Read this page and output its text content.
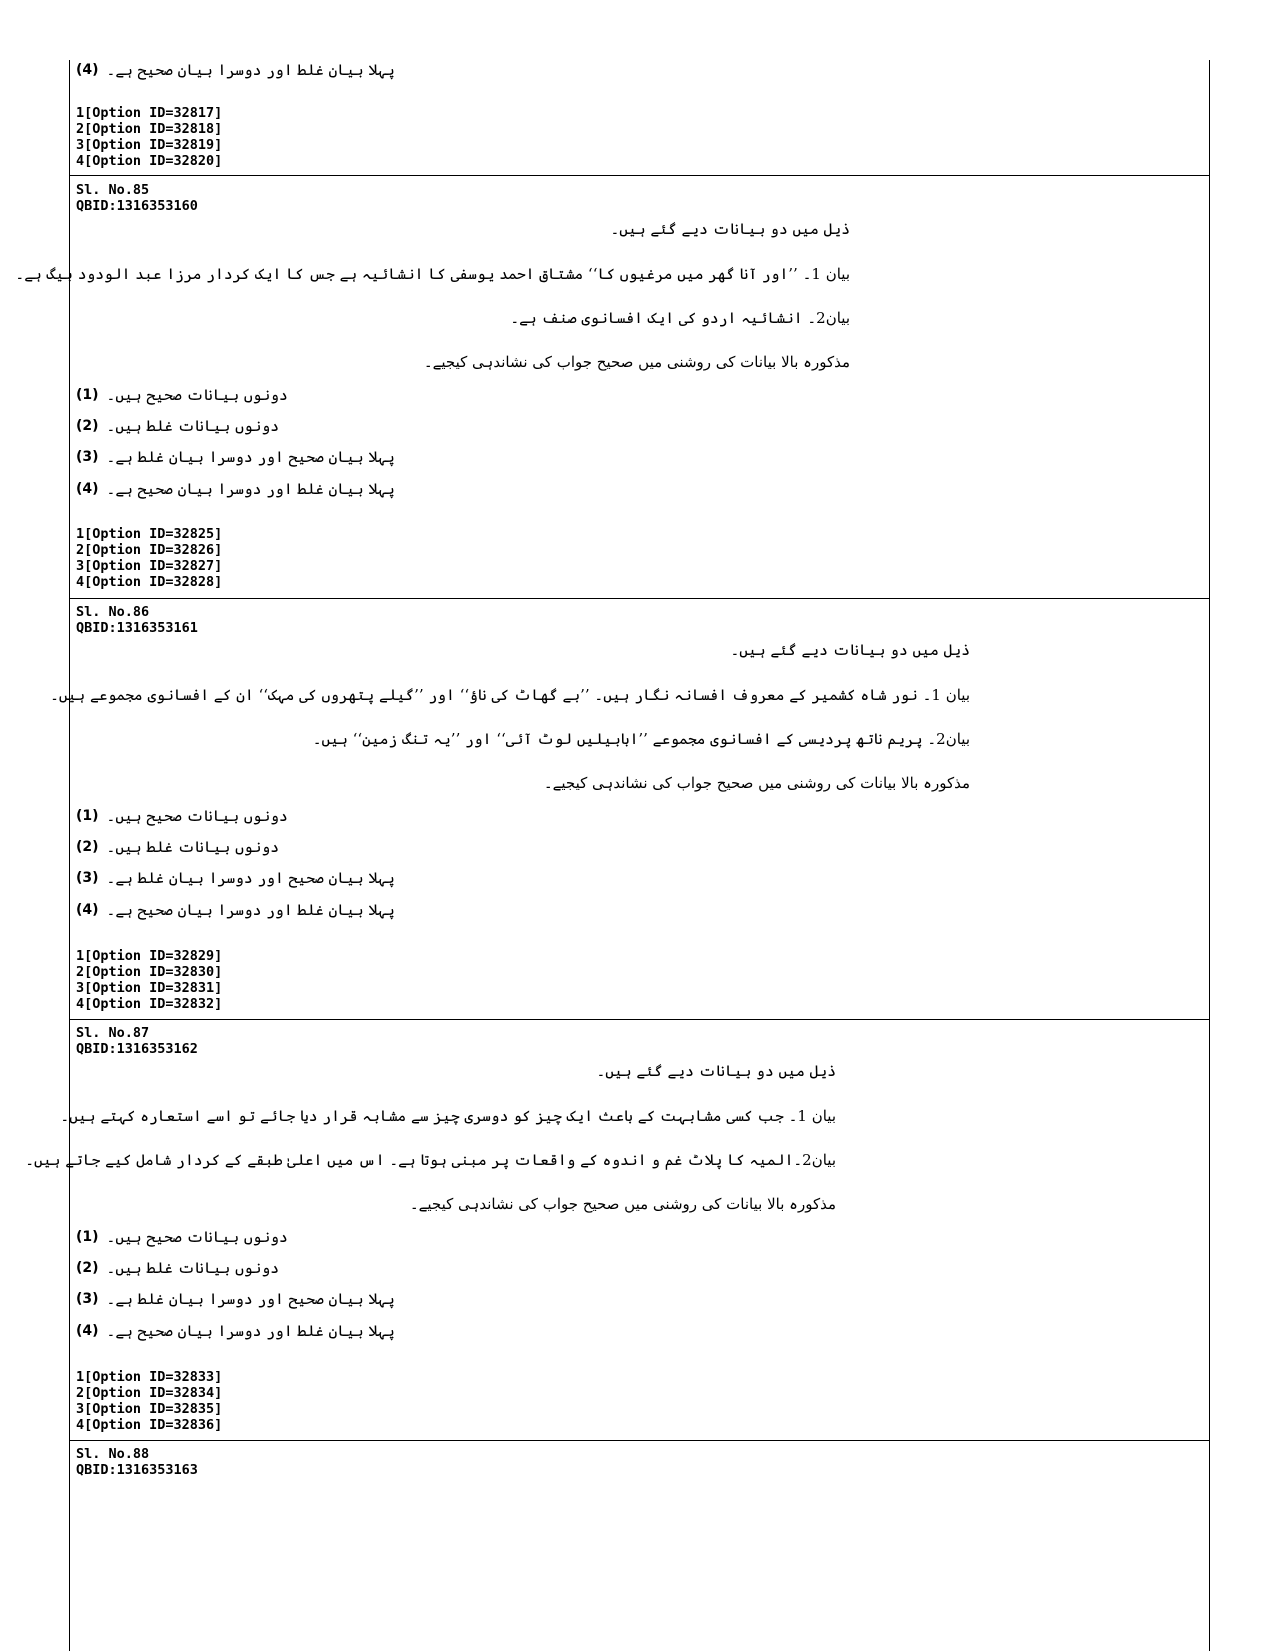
(4) پہلا بیان غلط اور دوسرا بیان صحیح ہے۔
1[Option ID=32817]
2[Option ID=32818]
3[Option ID=32819]
4[Option ID=32820]
Sl. No.85
QBID:1316353160
ذیل میں دو بیانات دیے گئے ہیں۔
بیان 1۔ ’’اور آنا گھر میں مرغیوں کا‘‘ مشتاق احمد یوسفی کا انشائیہ ہے جس کا ایک کردار مرزا عبد الودود بیگ ہے۔
بیان2۔ انشائیہ اردو کی ایک افسانوی صنف ہے۔
مذکورہ بالا بیانات کی روشنی میں صحیح جواب کی نشاندہی کیجیے۔
(1) دونوں بیانات صحیح ہیں۔
(2) دونوں بیانات غلط ہیں۔
(3) پہلا بیان صحیح اور دوسرا بیان غلط ہے۔
(4) پہلا بیان غلط اور دوسرا بیان صحیح ہے۔
1[Option ID=32825]
2[Option ID=32826]
3[Option ID=32827]
4[Option ID=32828]
Sl. No.86
QBID:1316353161
ذیل میں دو بیانات دیے گئے ہیں۔
بیان 1۔ نور شاہ کشمیر کے معروف افسانہ نگار ہیں۔ ’’بے گھاٹ کی ناؤ‘‘ اور ’’گیلے پتھروں کی مہک‘‘ ان کے افسانوی مجموعے ہیں۔
بیان2۔ پریم ناتھ پردیسی کے افسانوی مجموعے ’’ابابیلیں لوٹ آئی‘‘ اور ’’یہ تنگ زمین‘‘ ہیں۔
مذکورہ بالا بیانات کی روشنی میں صحیح جواب کی نشاندہی کیجیے۔
(1) دونوں بیانات صحیح ہیں۔
(2) دونوں بیانات غلط ہیں۔
(3) پہلا بیان صحیح اور دوسرا بیان غلط ہے۔
(4) پہلا بیان غلط اور دوسرا بیان صحیح ہے۔
1[Option ID=32829]
2[Option ID=32830]
3[Option ID=32831]
4[Option ID=32832]
Sl. No.87
QBID:1316353162
ذیل میں دو بیانات دیے گئے ہیں۔
بیان 1۔ جب کسی مشابہت کے باعث ایک چیز کو دوسری چیز سے مشابہ قرار دیا جائے تو اسے استعارہ کہتے ہیں۔
بیان2۔المیہ کا پلاٹ غم و اندوہ کے واقعات پر مبنی ہوتا ہے۔ اس میں اعلیٰ طبقے کے کردار شامل کیے جاتے ہیں۔
مذکورہ بالا بیانات کی روشنی میں صحیح جواب کی نشاندہی کیجیے۔
(1) دونوں بیانات صحیح ہیں۔
(2) دونوں بیانات غلط ہیں۔
(3) پہلا بیان صحیح اور دوسرا بیان غلط ہے۔
(4) پہلا بیان غلط اور دوسرا بیان صحیح ہے۔
1[Option ID=32833]
2[Option ID=32834]
3[Option ID=32835]
4[Option ID=32836]
Sl. No.88
QBID:1316353163
